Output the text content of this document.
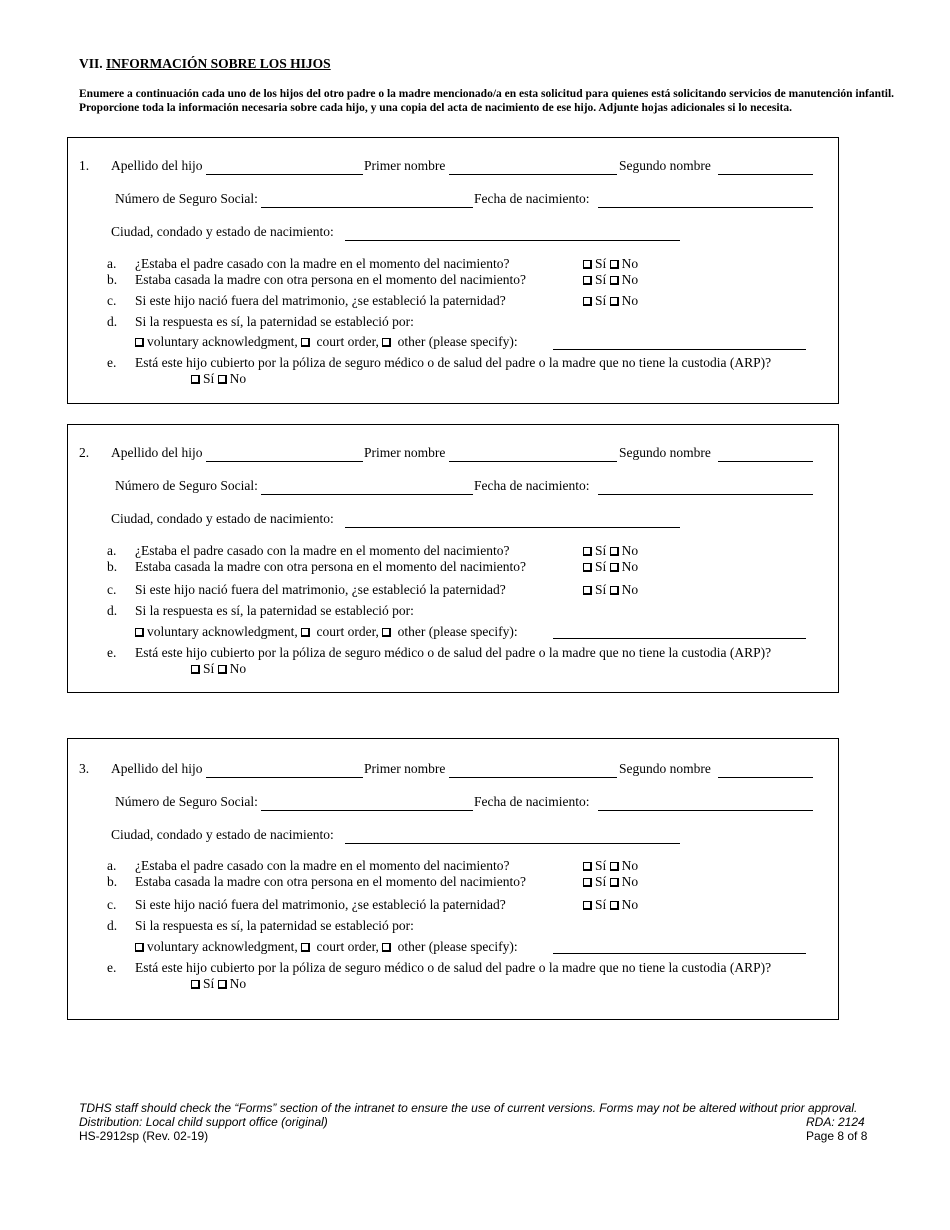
VII. INFORMACIÓN SOBRE LOS HIJOS
Enumere a continuación cada uno de los hijos del otro padre o la madre mencionado/a en esta solicitud para quienes está solicitando servicios de manutención infantil. Proporcione toda la información necesaria sobre cada hijo, y una copia del acta de nacimiento de ese hijo. Adjunte hojas adicionales si lo necesita.
1. Apellido del hijo	Primer nombre	Segundo nombre
Número de Seguro Social:	Fecha de nacimiento:
Ciudad, condado y estado de nacimiento:
a. ¿Estaba el padre casado con la madre en el momento del nacimiento?	Sí No
b. Estaba casada la madre con otra persona en el momento del nacimiento?	Sí No
c. Si este hijo nació fuera del matrimonio, ¿se estableció la paternidad?	Sí No
d. Si la respuesta es sí, la paternidad se estableció por:
voluntary acknowledgment, court order, other (please specify):
e. Está este hijo cubierto por la póliza de seguro médico o de salud del padre o la madre que no tiene la custodia (ARP)?
Sí No
2. Apellido del hijo	Primer nombre	Segundo nombre
Número de Seguro Social:	Fecha de nacimiento:
Ciudad, condado y estado de nacimiento:
a. ¿Estaba el padre casado con la madre en el momento del nacimiento?	Sí No
b. Estaba casada la madre con otra persona en el momento del nacimiento?	Sí No
c. Si este hijo nació fuera del matrimonio, ¿se estableció la paternidad?	Sí No
d. Si la respuesta es sí, la paternidad se estableció por:
voluntary acknowledgment, court order, other (please specify):
e. Está este hijo cubierto por la póliza de seguro médico o de salud del padre o la madre que no tiene la custodia (ARP)?
Sí No
3. Apellido del hijo	Primer nombre	Segundo nombre
Número de Seguro Social:	Fecha de nacimiento:
Ciudad, condado y estado de nacimiento:
a. ¿Estaba el padre casado con la madre en el momento del nacimiento?	Sí No
b. Estaba casada la madre con otra persona en el momento del nacimiento?	Sí No
c. Si este hijo nació fuera del matrimonio, ¿se estableció la paternidad?	Sí No
d. Si la respuesta es sí, la paternidad se estableció por:
voluntary acknowledgment, court order, other (please specify):
e. Está este hijo cubierto por la póliza de seguro médico o de salud del padre o la madre que no tiene la custodia (ARP)?
Sí No
TDHS staff should check the “Forms” section of the intranet to ensure the use of current versions. Forms may not be altered without prior approval.
Distribution: Local child support office (original)	RDA: 2124
HS-2912sp (Rev. 02-19)	Page 8 of 8
